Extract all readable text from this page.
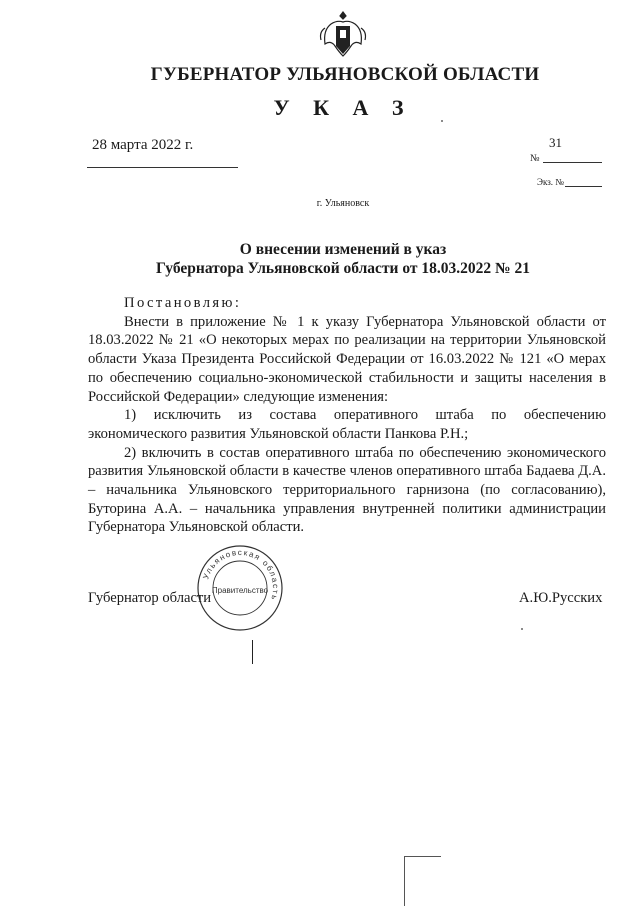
ГУБЕРНАТОР УЛЬЯНОВСКОЙ ОБЛАСТИ
У К А З
28 марта 2022 г.	31
№
Экз. №
г. Ульяновск
О внесении изменений в указ
Губернатора Ульяновской области от 18.03.2022 № 21

Постановляю:

Внести в приложение № 1 к указу Губернатора Ульяновской области от 18.03.2022 № 21 «О некоторых мерах по реализации на территории Ульяновской области Указа Президента Российской Федерации от 16.03.2022 № 121 «О мерах по обеспечению социально-экономической стабильности и защиты населения в Российской Федерации» следующие изменения:

1) исключить из состава оперативного штаба по обеспечению экономического развития Ульяновской области Панкова Р.Н.;

2) включить в состав оперативного штаба по обеспечению экономического развития Ульяновской области в качестве членов оперативного штаба Бадаева Д.А. – начальника Ульяновского территориального гарнизона (по согласованию), Буторина А.А. – начальника управления внутренней политики администрации Губернатора Ульяновской области.

Ульяновская область
Правительство
Губернатор области	А.Ю.Русских
